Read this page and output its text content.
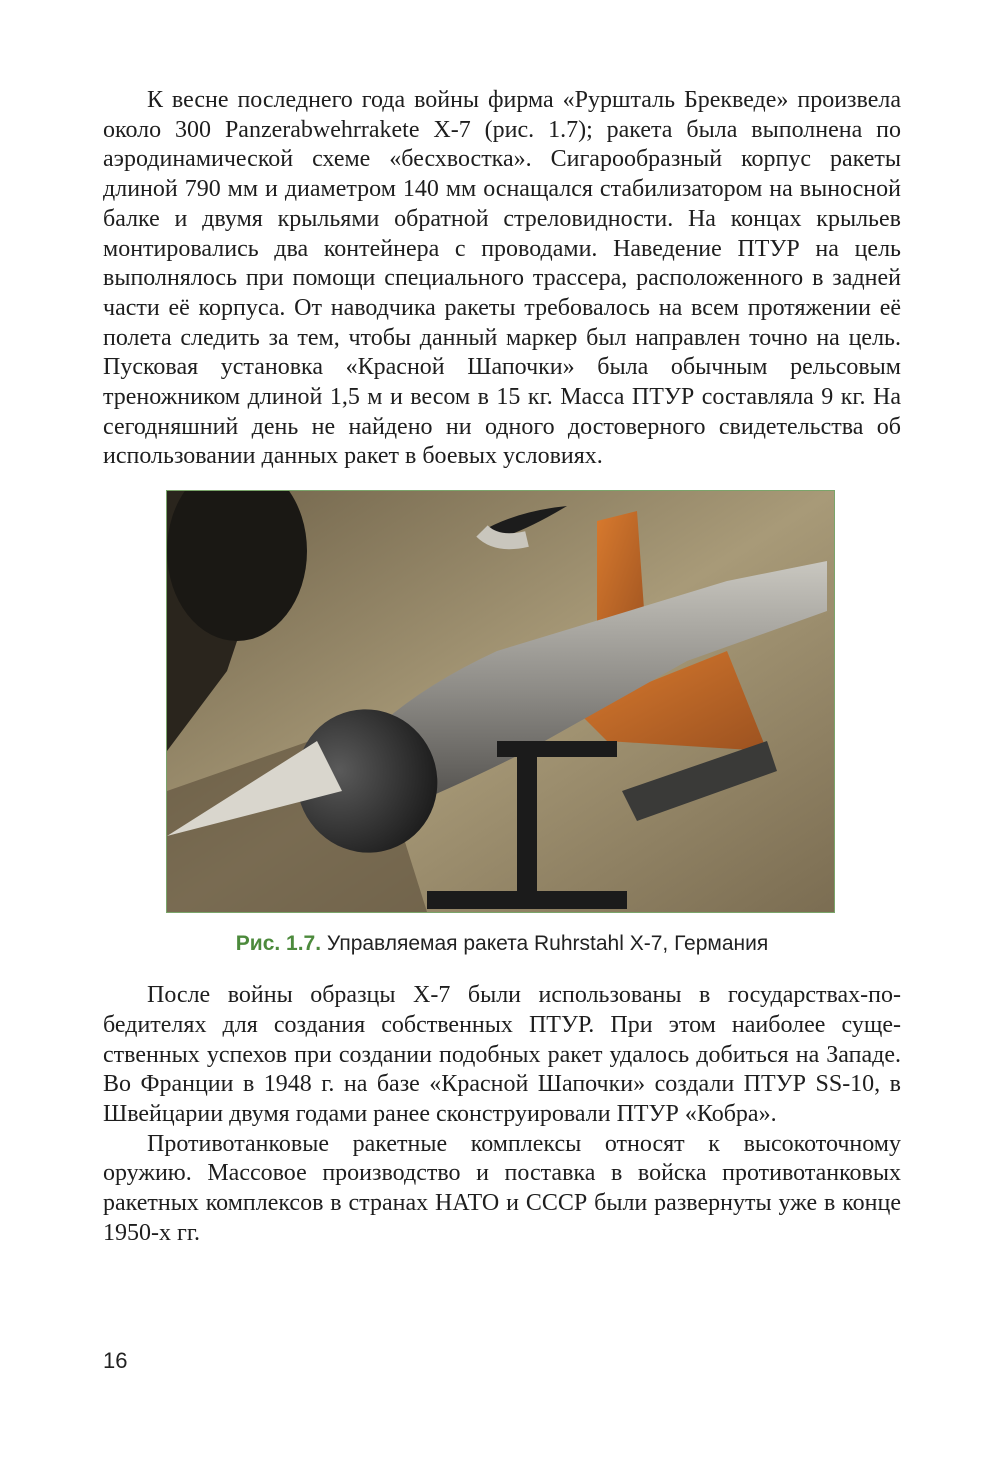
К весне последнего года войны фирма «Руршталь Брекведе» произвела около 300 Panzerabwehrrakete X-7 (рис. 1.7); ракета была выполнена по аэродинамической схеме «бесхвостка». Сигарообразный корпус ракеты длиной 790 мм и диаметром 140 мм оснащался стабилизатором на выносной балке и двумя крыльями обратной стреловидности. На концах крыльев монтировались два контейнера с проводами. Наведение ПТУР на цель выполнялось при помощи специального трассера, расположенного в задней части её корпуса. От наводчика ракеты требовалось на всем протяжении её полета следить за тем, чтобы данный маркер был направлен точно на цель. Пусковая установка «Красной Шапочки» была обычным рельсовым треножником длиной 1,5 м и весом в 15 кг. Масса ПТУР составляла 9 кг. На сегодняшний день не найдено ни одного достоверного свидетельства об использовании данных ракет в боевых условиях.

Рис. 1.7. Управляемая ракета Ruhrstahl X-7, Германия

После войны образцы X-7 были использованы в государствах-победителях для создания собственных ПТУР. При этом наиболее существенных успехов при создании подобных ракет удалось добиться на Западе. Во Франции в 1948 г. на базе «Красной Шапочки» создали ПТУР SS-10, в Швейцарии двумя годами ранее сконструировали ПТУР «Кобра».

Противотанковые ракетные комплексы относят к высокоточному оружию. Массовое производство и поставка в войска противотанковых ракетных комплексов в странах НАТО и СССР были развернуты уже в конце 1950-х гг.

16
